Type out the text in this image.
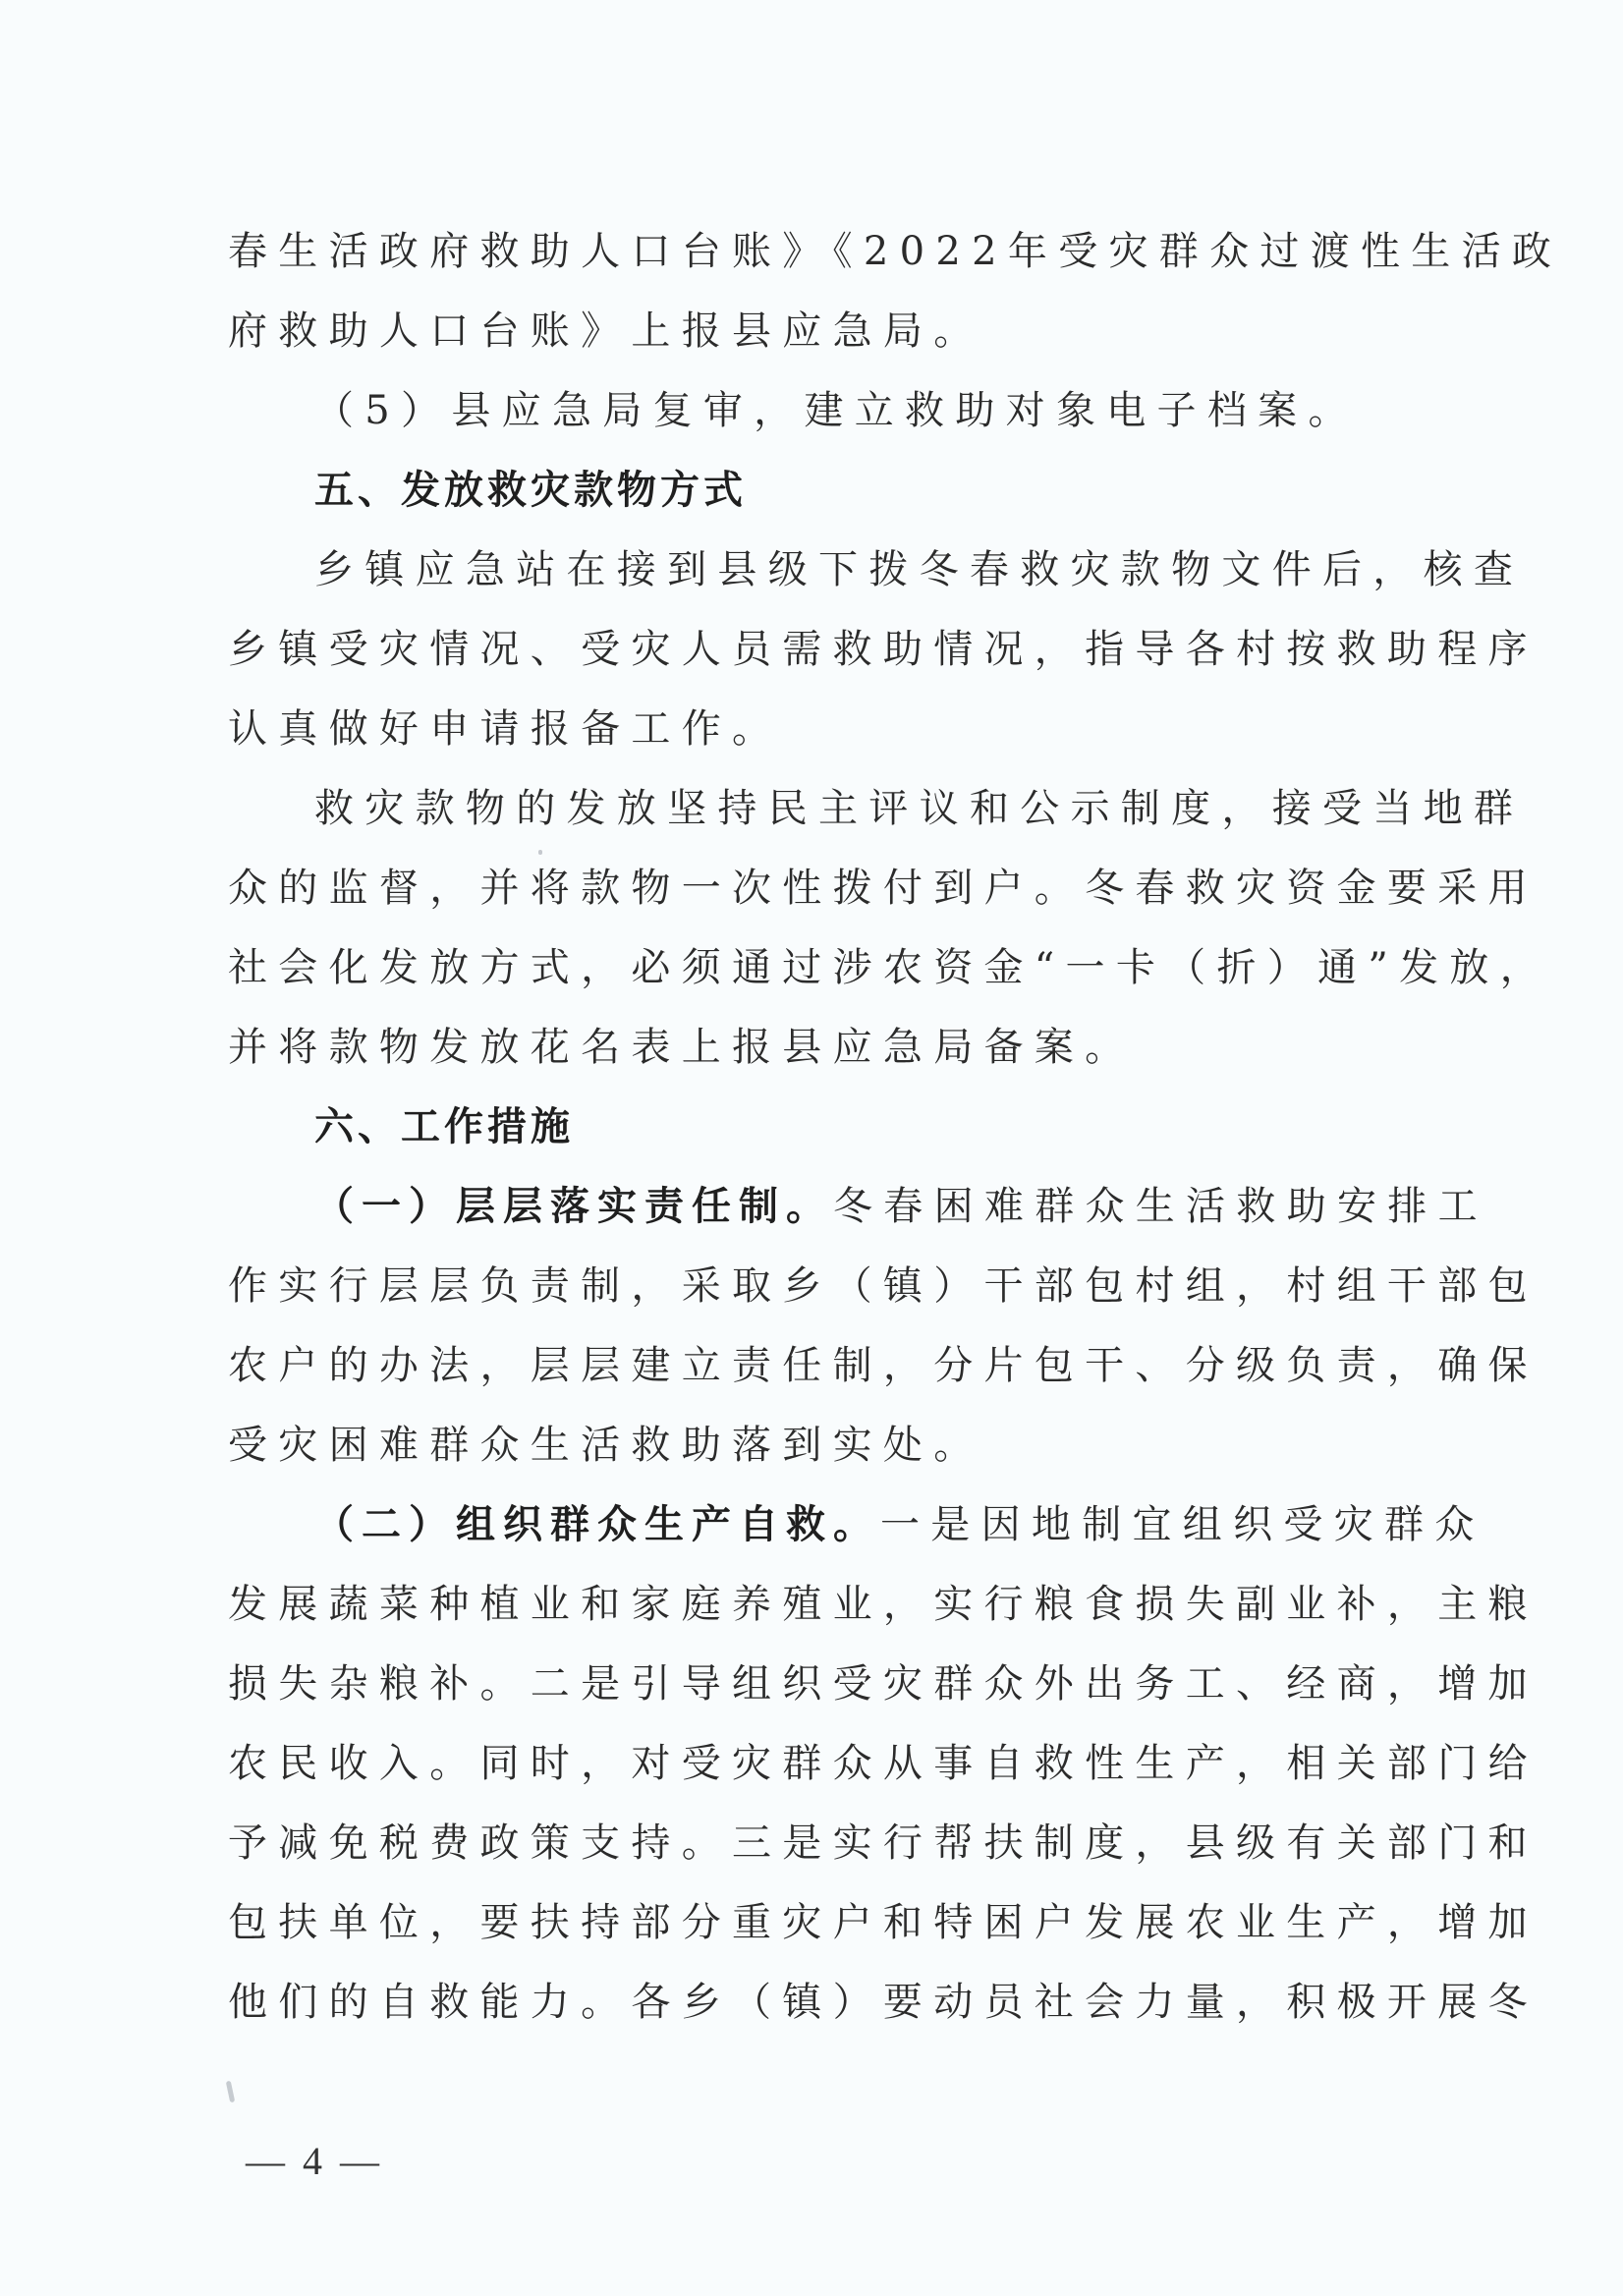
春生活政府救助人口台账》《2022年受灾群众过渡性生活政
府救助人口台账》上报县应急局。
（5）县应急局复审，建立救助对象电子档案。
五、发放救灾款物方式
乡镇应急站在接到县级下拨冬春救灾款物文件后，核查
乡镇受灾情况、受灾人员需救助情况，指导各村按救助程序
认真做好申请报备工作。
救灾款物的发放坚持民主评议和公示制度，接受当地群
众的监督，并将款物一次性拨付到户。冬春救灾资金要采用
社会化发放方式，必须通过涉农资金“一卡（折）通”发放，
并将款物发放花名表上报县应急局备案。
六、工作措施
（一）层层落实责任制。冬春困难群众生活救助安排工
作实行层层负责制，采取乡（镇）干部包村组，村组干部包
农户的办法，层层建立责任制，分片包干、分级负责，确保
受灾困难群众生活救助落到实处。
（二）组织群众生产自救。一是因地制宜组织受灾群众
发展蔬菜种植业和家庭养殖业，实行粮食损失副业补，主粮
损失杂粮补。二是引导组织受灾群众外出务工、经商，增加
农民收入。同时，对受灾群众从事自救性生产，相关部门给
予减免税费政策支持。三是实行帮扶制度，县级有关部门和
包扶单位，要扶持部分重灾户和特困户发展农业生产，增加
他们的自救能力。各乡（镇）要动员社会力量，积极开展冬
— 4 —
